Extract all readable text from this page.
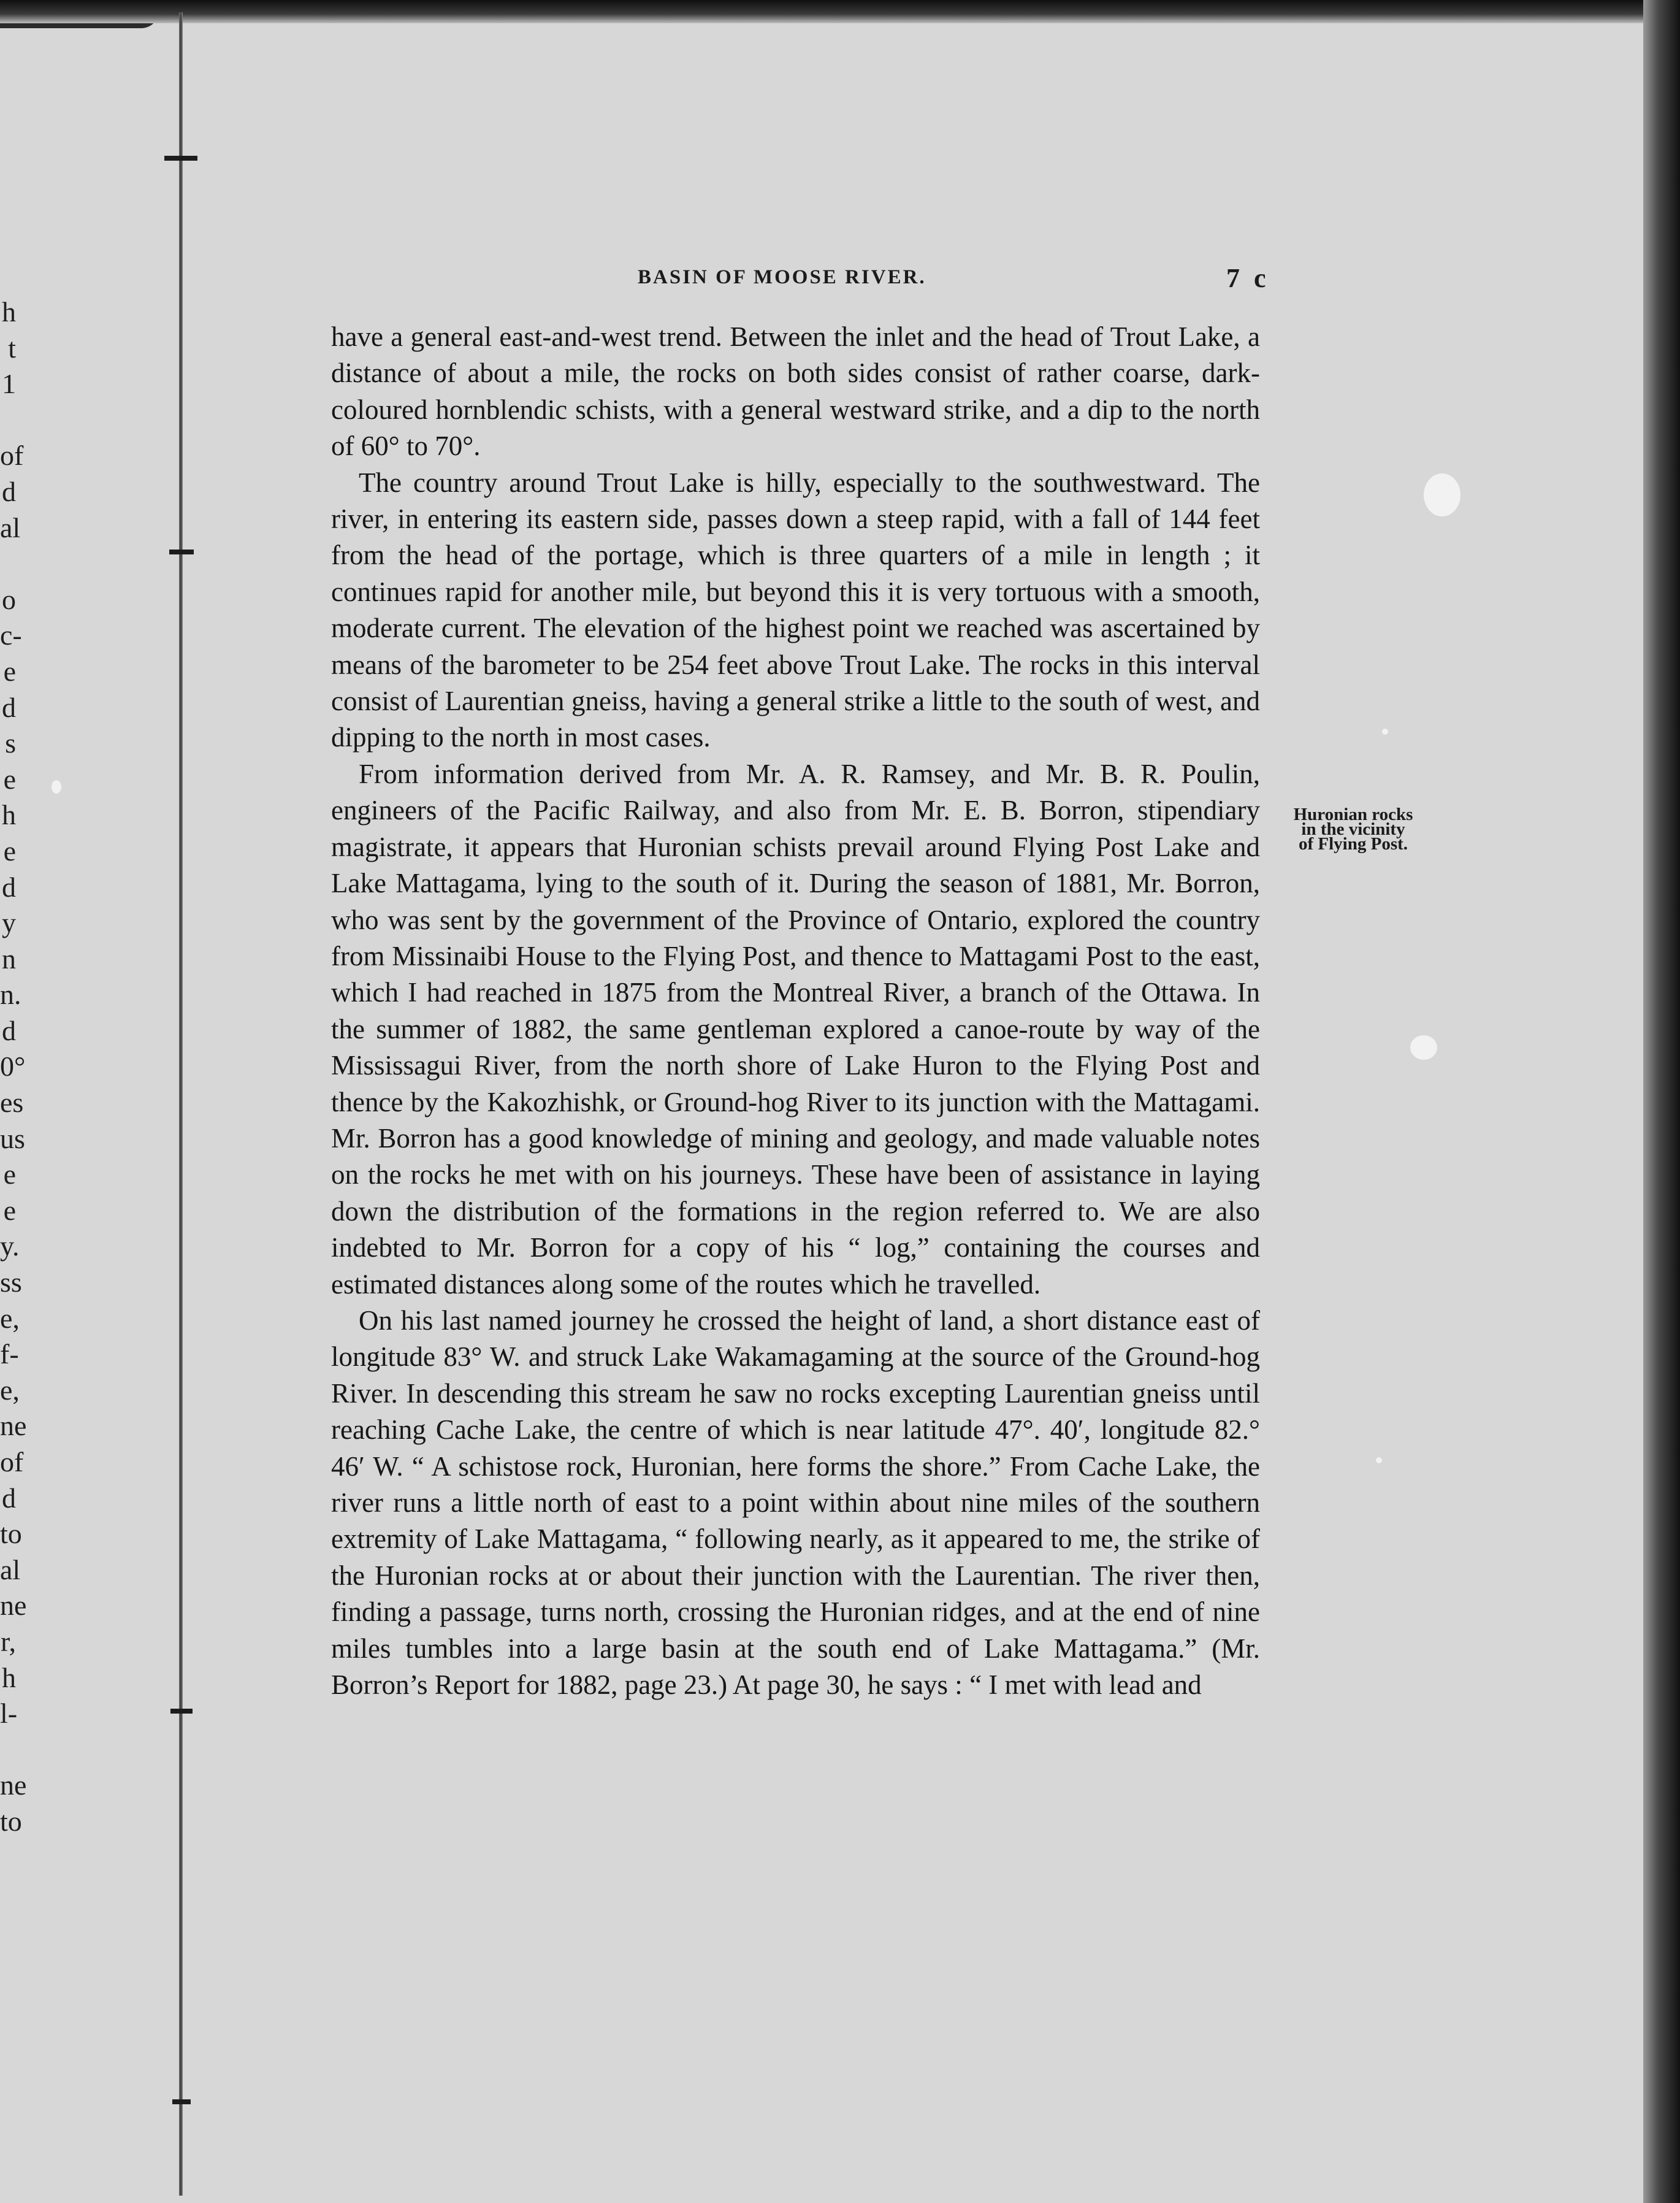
h
t
1

of
d
al

o
c-
e
d
s
e
h
e
d
y
n
n.
d
0°
es
us
e
e
y.
ss
e,
f-
e,
ne
of
d
to
al
ne
r,
h
l-

ne
to
BASIN OF MOOSE RIVER.	7 c

have a general east-and-west trend. Between the inlet and the head of Trout Lake, a distance of about a mile, the rocks on both sides consist of rather coarse, dark-coloured hornblendic schists, with a general westward strike, and a dip to the north of 60° to 70°.

The country around Trout Lake is hilly, especially to the southwestward. The river, in entering its eastern side, passes down a steep rapid, with a fall of 144 feet from the head of the portage, which is three quarters of a mile in length ; it continues rapid for another mile, but beyond this it is very tortuous with a smooth, moderate current. The elevation of the highest point we reached was ascertained by means of the barometer to be 254 feet above Trout Lake. The rocks in this interval consist of Laurentian gneiss, having a general strike a little to the south of west, and dipping to the north in most cases.

From information derived from Mr. A. R. Ramsey, and Mr. B. R. Poulin, engineers of the Pacific Railway, and also from Mr. E. B. Borron, stipendiary magistrate, it appears that Huronian schists prevail around Flying Post Lake and Lake Mattagama, lying to the south of it. During the season of 1881, Mr. Borron, who was sent by the government of the Province of Ontario, explored the country from Missinaibi House to the Flying Post, and thence to Mattagami Post to the east, which I had reached in 1875 from the Montreal River, a branch of the Ottawa. In the summer of 1882, the same gentleman explored a canoe-route by way of the Mississagui River, from the north shore of Lake Huron to the Flying Post and thence by the Kakozhishk, or Ground-hog River to its junction with the Mattagami. Mr. Borron has a good knowledge of mining and geology, and made valuable notes on the rocks he met with on his journeys. These have been of assistance in laying down the distribution of the formations in the region referred to. We are also indebted to Mr. Borron for a copy of his “ log,” containing the courses and estimated distances along some of the routes which he travelled.

On his last named journey he crossed the height of land, a short distance east of longitude 83° W. and struck Lake Wakamagaming at the source of the Ground-hog River. In descending this stream he saw no rocks excepting Laurentian gneiss until reaching Cache Lake, the centre of which is near latitude 47°. 40′, longitude 82.° 46′ W. “ A schistose rock, Huronian, here forms the shore.” From Cache Lake, the river runs a little north of east to a point within about nine miles of the southern extremity of Lake Mattagama, “ following nearly, as it appeared to me, the strike of the Huronian rocks at or about their junction with the Laurentian. The river then, finding a passage, turns north, crossing the Huronian ridges, and at the end of nine miles tumbles into a large basin at the south end of Lake Mattagama.” (Mr. Borron’s Report for 1882, page 23.) At page 30, he says : “ I met with lead and

Huronian rocks
in the vicinity
of Flying Post.
